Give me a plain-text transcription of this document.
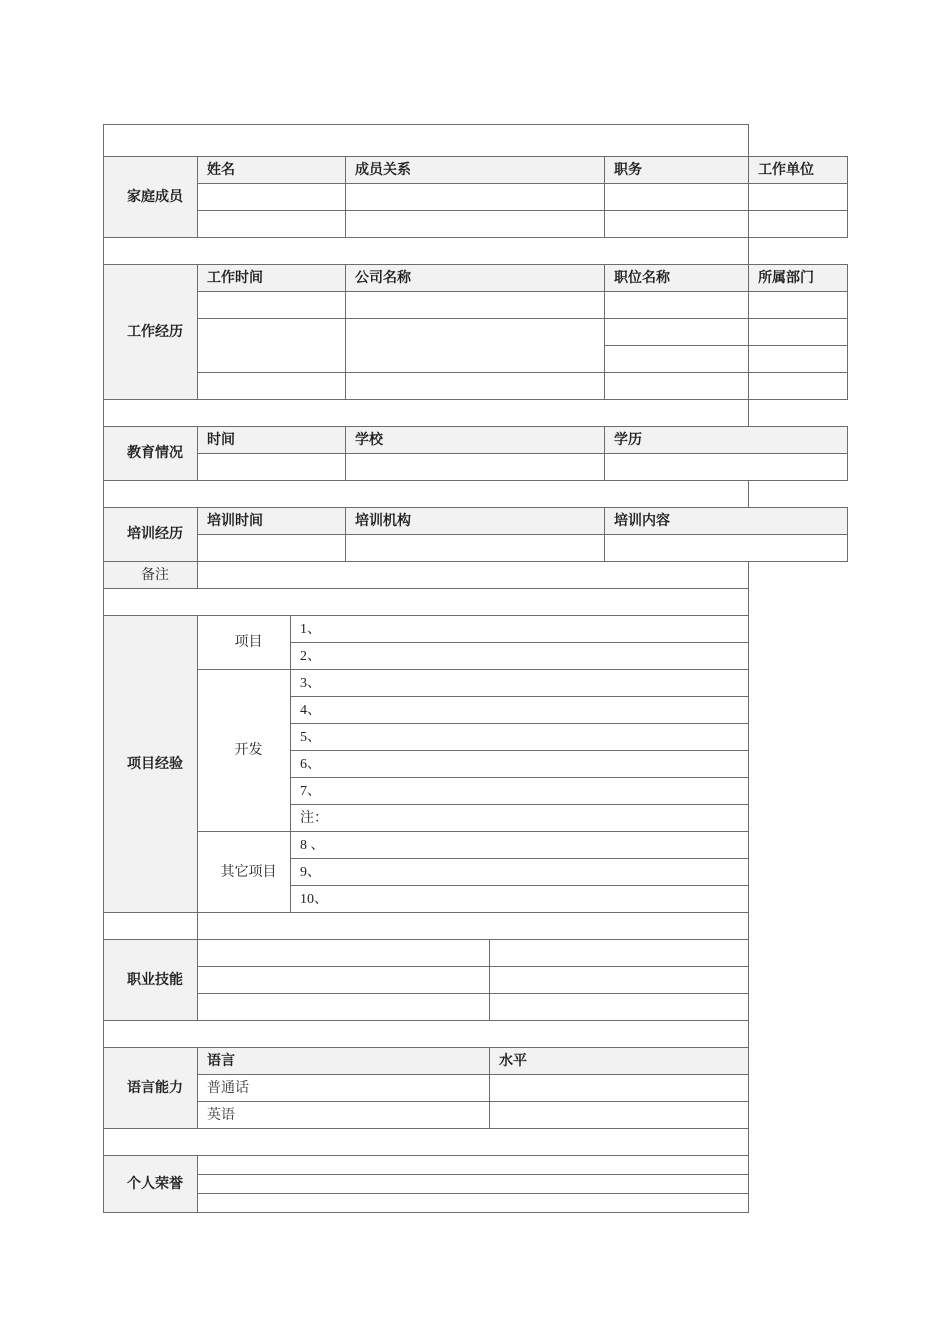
家庭成员	姓名		成员关系		职务	工作单位

工作经历	工作时间		公司名称		职位名称	所属部门

教育情况	时间		学校		学历	

培训经历	培训时间		培训机构		培训内容	

备注						

项目经验	项目	1、				
		2、				
	开发	3、				
		4、				
		5、				
		6、				
		7、				
		注：				
	其它项目	8 、				
		9、				
		10、				

职业技能						

语言能力	语言			水平		
	普通话					
	英语					

个人荣誉						
